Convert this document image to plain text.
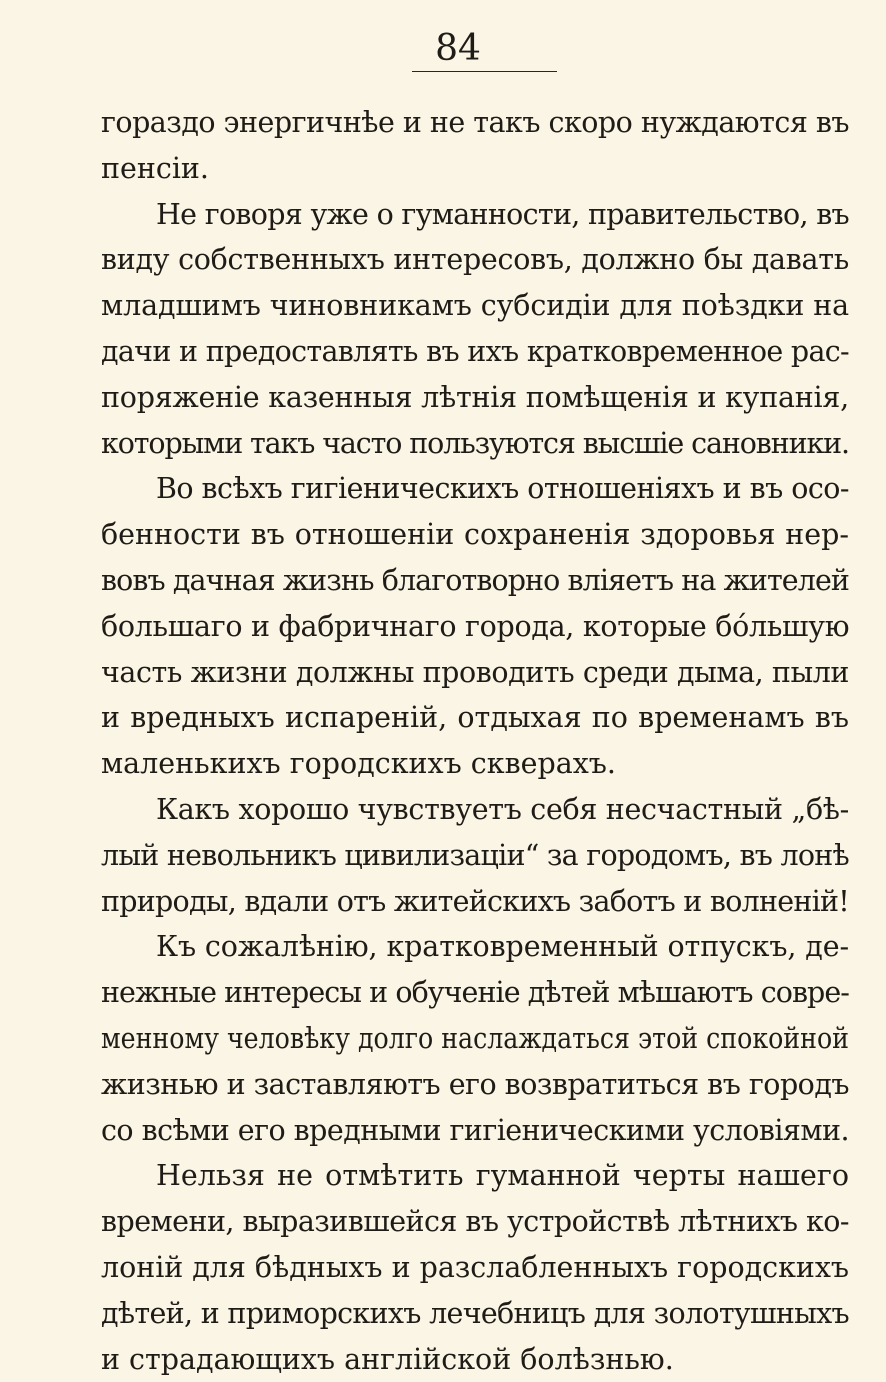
84
гораздо энергичнѣе и не такъ скоро нуждаются въ
пенсіи.
Не говоря уже о гуманности, правительство, въ
виду собственныхъ интересовъ, должно бы давать
младшимъ чиновникамъ субсидіи для поѣздки на
дачи и предоставлять въ ихъ кратковременное рас-
поряженіе казенныя лѣтнія помѣщенія и купанія,
которыми такъ часто пользуются высшіе сановники.
Во всѣхъ гигіеническихъ отношеніяхъ и въ осо-
бенности въ отношеніи сохраненія здоровья нер-
вовъ дачная жизнь благотворно вліяетъ на жителей
большаго и фабричнаго города, которые бо́льшую
часть жизни должны проводить среди дыма, пыли
и вредныхъ испареній, отдыхая по временамъ въ
маленькихъ городскихъ скверахъ.
Какъ хорошо чувствуетъ себя несчастный „бѣ-
лый невольникъ цивилизаціи“ за городомъ, въ лонѣ
природы, вдали отъ житейскихъ заботъ и волненій!
Къ сожалѣнію, кратковременный отпускъ, де-
нежные интересы и обученіе дѣтей мѣшаютъ совре-
менному человѣку долго наслаждаться этой спокойной
жизнью и заставляютъ его возвратиться въ городъ
со всѣми его вредными гигіеническими условіями.
Нельзя не отмѣтить гуманной черты нашего
времени, выразившейся въ устройствѣ лѣтнихъ ко-
лоній для бѣдныхъ и разслабленныхъ городскихъ
дѣтей, и приморскихъ лечебницъ для золотушныхъ
и страдающихъ англійской болѣзнью.
